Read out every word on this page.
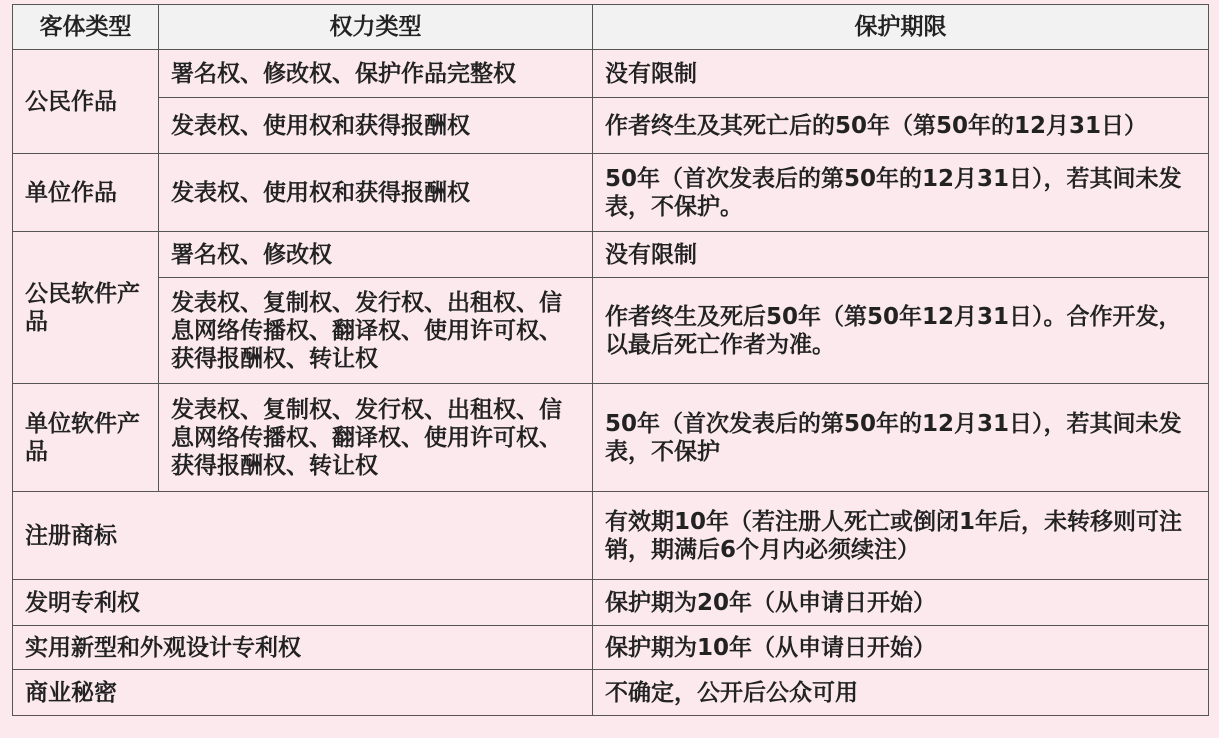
客体类型	权力类型	保护期限
公民作品	署名权、修改权、保护作品完整权	没有限制
	发表权、使用权和获得报酬权	作者终生及其死亡后的50年（第50年的12月31日）
单位作品	发表权、使用权和获得报酬权	50年（首次发表后的第50年的12月31日），若其间未发表，不保护。
公民软件产品	署名权、修改权	没有限制
	发表权、复制权、发行权、出租权、信息网络传播权、翻译权、使用许可权、获得报酬权、转让权	作者终生及死后50年（第50年12月31日）。合作开发，以最后死亡作者为准。
单位软件产品	发表权、复制权、发行权、出租权、信息网络传播权、翻译权、使用许可权、获得报酬权、转让权	50年（首次发表后的第50年的12月31日），若其间未发表，不保护
注册商标		有效期10年（若注册人死亡或倒闭1年后，未转移则可注销，期满后6个月内必须续注）
发明专利权		保护期为20年（从申请日开始）
实用新型和外观设计专利权		保护期为10年（从申请日开始）
商业秘密		不确定，公开后公众可用
